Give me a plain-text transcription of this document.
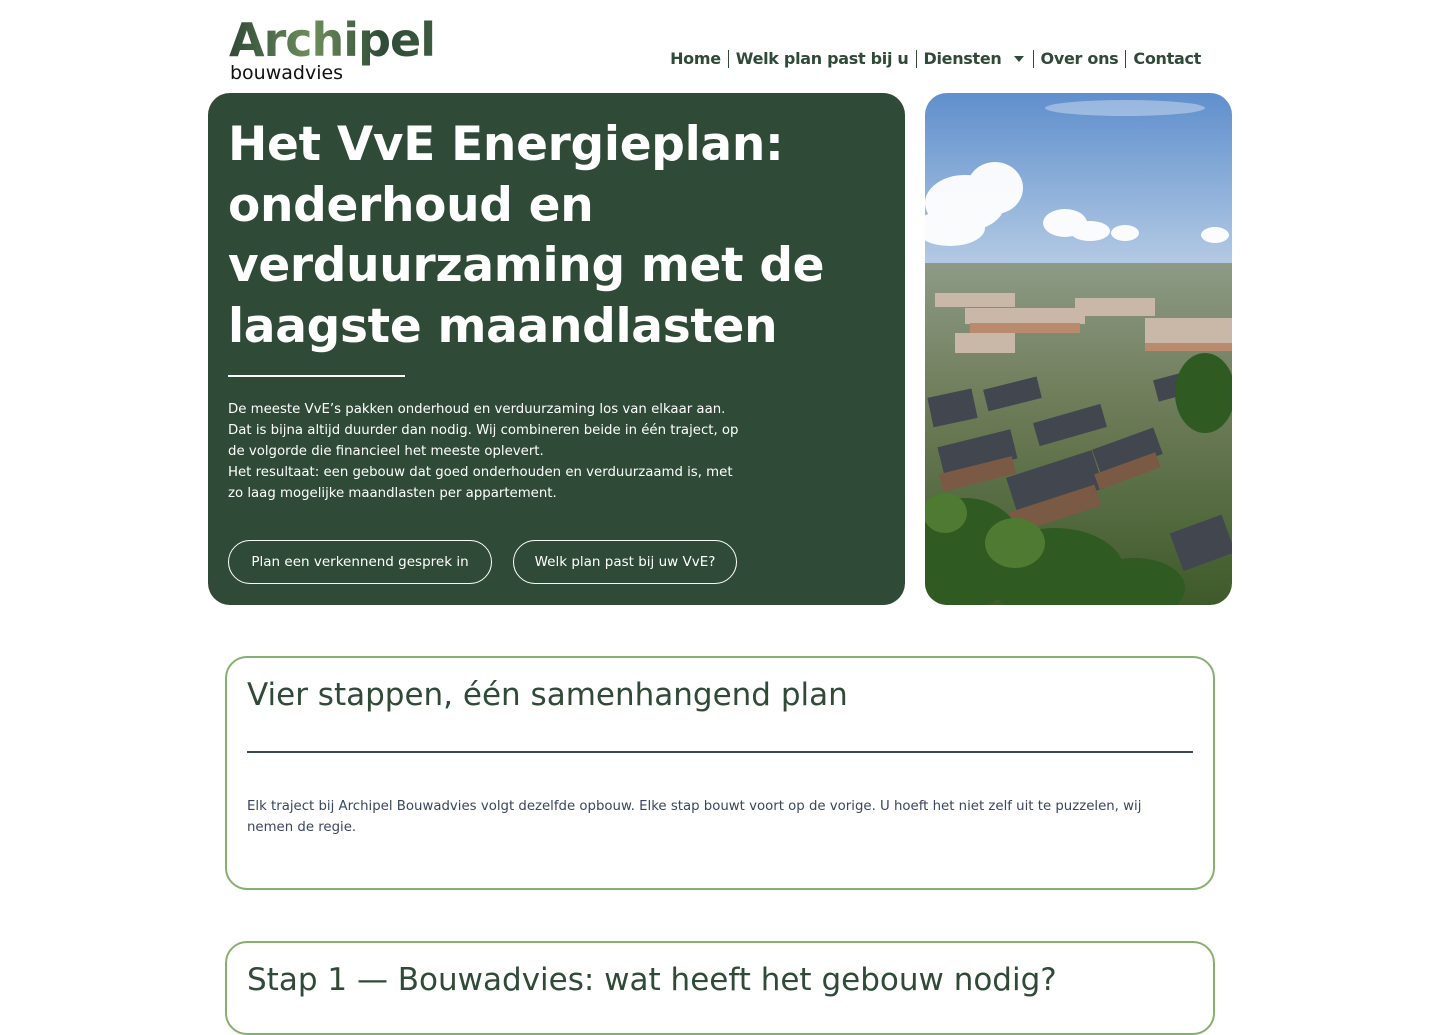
Archipel
bouwadvies
Home Welk plan past bij u Diensten	Over ons Contact
Het VvE Energieplan: onderhoud en verduurzaming met de laagste maandlasten

De meeste VvE’s pakken onderhoud en verduurzaming los van elkaar aan. Dat is bijna altijd duurder dan nodig. Wij combineren beide in één traject, op de volgorde die financieel het meeste oplevert.

Het resultaat: een gebouw dat goed onderhouden en verduurzaamd is, met zo laag mogelijke maandlasten per appartement.

Plan een verkennend gesprek in	Welk plan past bij uw VvE?
Vier stappen, één samenhangend plan

Elk traject bij Archipel Bouwadvies volgt dezelfde opbouw. Elke stap bouwt voort op de vorige. U hoeft het niet zelf uit te puzzelen, wij nemen de regie.

Stap 1 — Bouwadvies: wat heeft het gebouw nodig?
